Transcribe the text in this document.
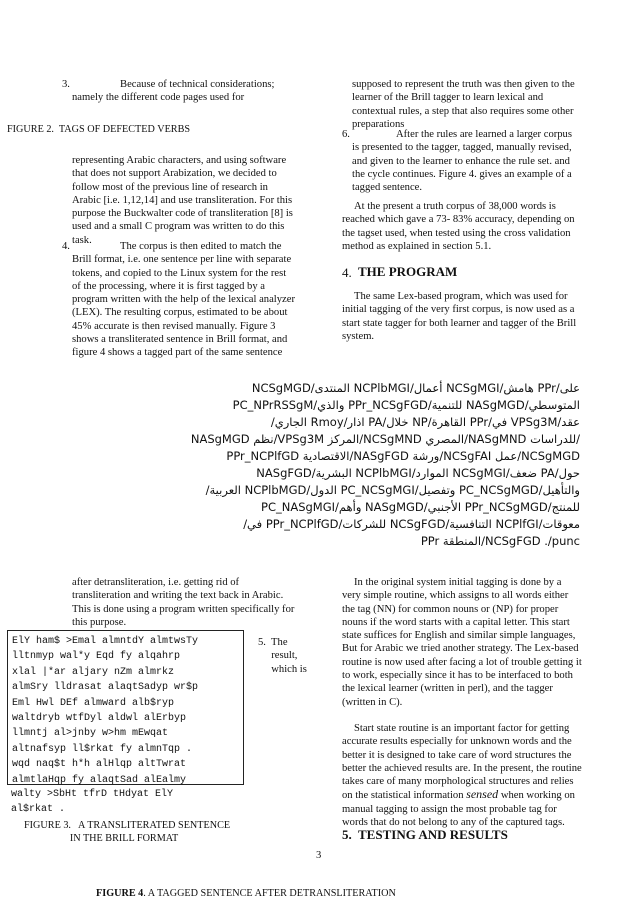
3.	Because of technical considerations;
namely the different code pages used for
FIGURE 2.  TAGS OF DEFECTED VERBS
representing Arabic characters, and using software
that does not support Arabization, we decided to
follow most of the previous line of research in
Arabic [i.e. 1,12,14] and use transliteration. For this
purpose the Buckwalter code of transliteration [8] is
used and a small C program was written to do this
task.
4.	The corpus is then edited to match the
Brill format, i.e. one sentence per line with separate
tokens, and copied to the Linux system for the rest
of the processing, where it is first tagged by a
program written with the help of the lexical analyzer
(LEX). The resulting corpus, estimated to be about
45% accurate is then revised manually. Figure 3
shows a transliterated sentence in Brill format, and
figure 4 shows a tagged part of the same sentence
supposed to represent the truth was then given to the
learner of the Brill tagger to learn lexical and
contextual rules, a step that also requires some other
preparations
6.	After the rules are learned a larger corpus
is presented to the tagger, tagged, manually revised,
and given to the learner to enhance the rule set. and
the cycle continues. Figure 4. gives an example of a
tagged sentence.
At the present a truth corpus of 38,000 words is
reached which gave a 73- 83% accuracy, depending on
the tagset used, when tested using the cross validation
method as explained in section 5.1.
4. THE PROGRAM
The same Lex-based program, which was used for
initial tagging of the very first corpus, is now used as a
start state tagger for both learner and tagger of the Brill
system.
على/PPr هامش/NCSgMGI أعمال/NCPlbMGI المنتدى/NCSgMGD
المتوسطي/NASgMGD للتنمية/PPr_NCSgFGD والذي/PC_NPrRSSgM
عقد/VPSg3M في/PPr القاهرة/NP خلال/PA اذار/Rmoy الجاري/
NASgMGD نظم/VPSg3M المركز/NCSgMND المصري/NASgMND للدراسات/
PPr_NCPlfGD الاقتصادية/NASgFGD ورشة/NCSgFAI عمل/NCSgMGD
حول/PA ضعف/NCSgMGI الموارد/NCPlbMGI البشرية/NASgFGD
والتأهيل/PC_NCSgMGD وتفصيل/PC_NCSgMGI الدول/NCPlbMGD العربية/
للمنتج/PPr_NCSgMGD الأجنبي/NASgMGD وأهم/PC_NASgMGI
معوقات/NCPlfGI التنافسية/NCSgFGD للشركات/PPr_NCPlfGD في/
PPr المنطقة/NCSgFGD ./punc
after detransliteration, i.e. getting rid of
transliteration and writing the text back in Arabic.
This is done using a program written specifically for
this purpose.
ElY ham$ >Emal almntdY almtwsTy
lltnmyp wal*y Eqd fy alqahrp
xlal |*ar aljary nZm almrkz
almSry lldrasat alaqtSadyp wr$p
Eml Hwl DEf almward alb$ryp
waltdryb wtfDyl aldwl alErbyp
llmntj al>jnby w>hm mEwqat
altnafsyp ll$rkat fy almnTqp .
wqd naq$t h*h alHlqp altTwrat
almtlaHqp fy alaqtSad alEalmy
walty >SbHt tfrD tHdyat ElY
al$rkat .
5.  The
result,
which is
FIGURE 3.   A TRANSLITERATED SENTENCE
IN THE BRILL FORMAT
In the original system initial tagging is done by a
very simple routine, which assigns to all words either
the tag (NN) for common nouns or (NP) for proper
nouns if the word starts with a capital letter. This start
state suffices for English and similar simple languages,
But for Arabic we tried another strategy. The Lex-based
routine is now used after facing a lot of trouble getting it
to work, especially since it has to be interfaced to both
the lexical learner (written in perl), and the tagger
(written in C).
Start state routine is an important factor for getting
accurate results especially for unknown words and the
better it is designed to take care of word structures the
better the achieved results are. In the present, the routine
takes care of many morphological structures and relies
on the statistical information sensed when working on
manual tagging to assign the most probable tag for
words that do not belong to any of the captured tags.
5.  TESTING AND RESULTS
3
FIGURE 4. A TAGGED SENTENCE AFTER DETRANSLITERATION
